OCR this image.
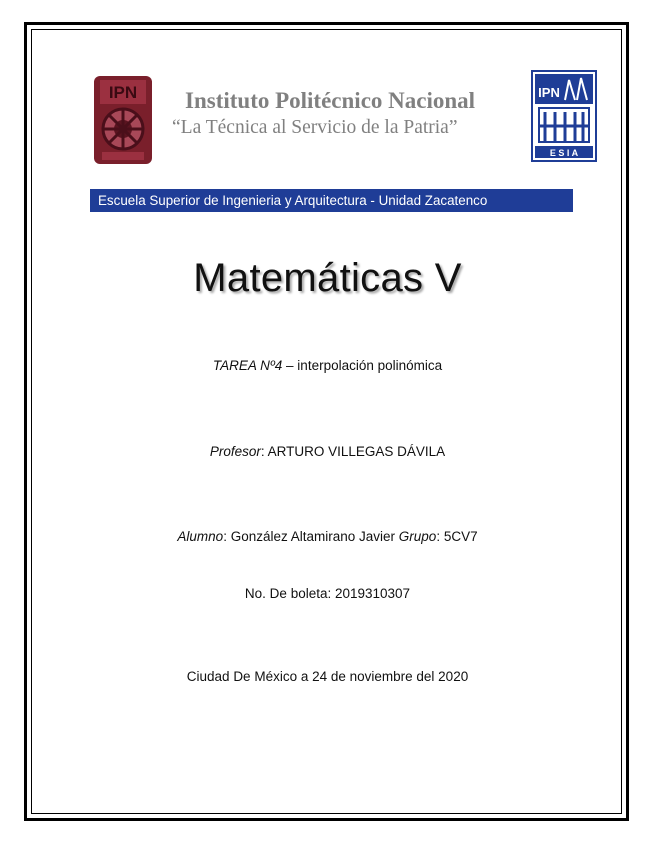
IPN Instituto Politécnico Nacional
“La Técnica al Servicio de la Patria”
IPN
E S I A
Escuela Superior de Ingenieria y Arquitectura - Unidad Zacatenco
Matemáticas V
TAREA Nº4 – interpolación polinómica
Profesor: ARTURO VILLEGAS DÁVILA
Alumno: González Altamirano Javier Grupo: 5CV7
No. De boleta: 2019310307
Ciudad De México a 24 de noviembre del 2020
